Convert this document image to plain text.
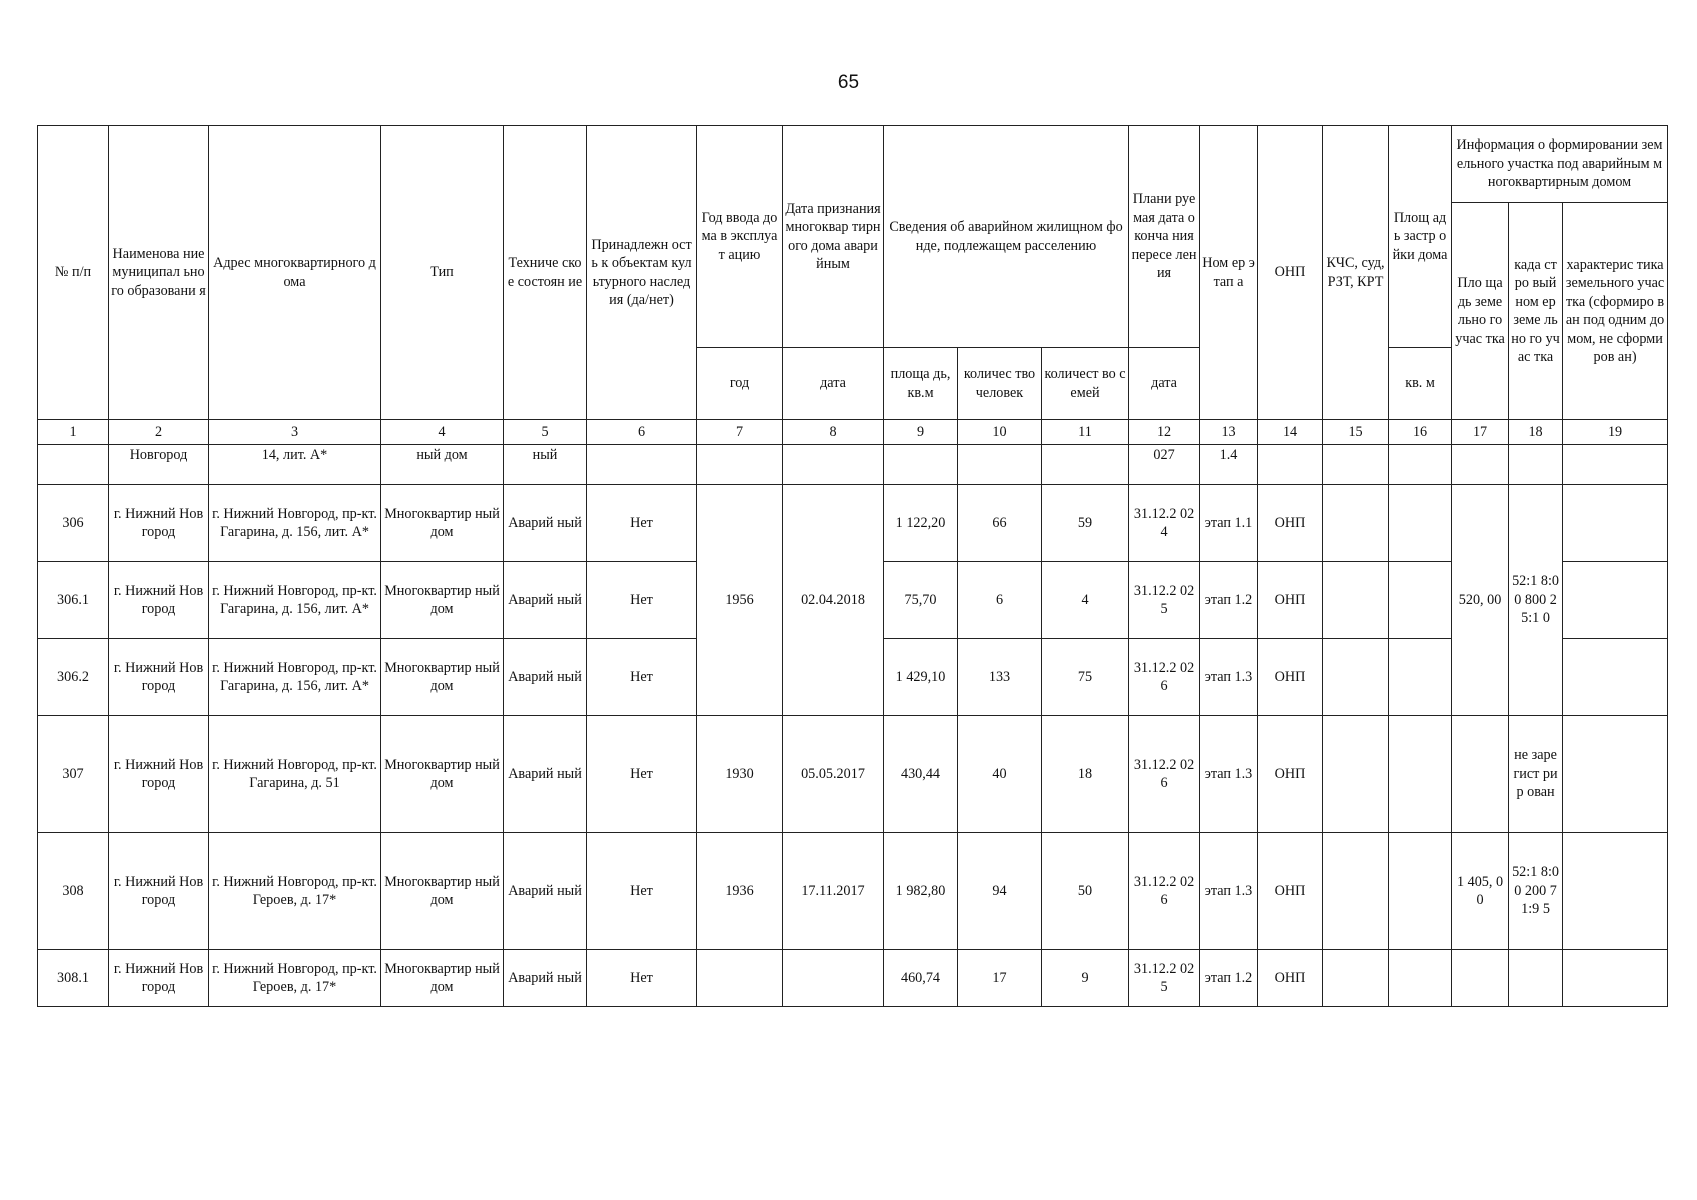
65
№ п/п	Наименова ние муниципал ьного образовани я	Адрес многоквартирного дома	Тип	Техниче ское состоян ие	Принадлежн ость к объектам культурного наследия (да/нет)	Год ввода дома в эксплуат ацию	Дата признания многоквар тирного дома аварийным	Сведения об аварийном жилищном фонде, подлежащем расселению			Плани руемая дата оконча ния пересе ления	Ном ер этап а	ОНП	КЧС, суд, РЗТ, КРТ	Площ адь застр ойки дома	Информация о формировании земельного участка под аварийным многоквартирным домом		
																Пло щадь земе льно го учас тка	када стро вый ном ер земе льно го учас тка	характерис тика земельного участка (сформиро ван под одним домом, не сформиров ан)
						год	дата	площа дь, кв.м	количес тво человек	количест во семей	дата				кв. м			
1	2	3	4	5	6	7	8	9	10	11	12	13	14	15	16	17	18	19
	Новгород	14, лит. А*	ный дом	ный							027	1.4						
306	г. Нижний Новгород	г. Нижний Новгород, пр-кт. Гагарина, д. 156, лит. А*	Многоквартир ный дом	Аварий ный	Нет	1956	02.04.2018	1 122,20	66	59	31.12.2 024	этап 1.1	ОНП			520, 00	52:1 8:00 800 25:1 0	
306.1	г. Нижний Новгород	г. Нижний Новгород, пр-кт. Гагарина, д. 156, лит. А*	Многоквартир ный дом	Аварий ный	Нет			75,70	6	4	31.12.2 025	этап 1.2	ОНП					
306.2	г. Нижний Новгород	г. Нижний Новгород, пр-кт. Гагарина, д. 156, лит. А*	Многоквартир ный дом	Аварий ный	Нет			1 429,10	133	75	31.12.2 026	этап 1.3	ОНП					
307	г. Нижний Новгород	г. Нижний Новгород, пр-кт. Гагарина, д. 51	Многоквартир ный дом	Аварий ный	Нет	1930	05.05.2017	430,44	40	18	31.12.2 026	этап 1.3	ОНП				не заре гист рир ован	
308	г. Нижний Новгород	г. Нижний Новгород, пр-кт. Героев, д. 17*	Многоквартир ный дом	Аварий ный	Нет	1936	17.11.2017	1 982,80	94	50	31.12.2 026	этап 1.3	ОНП			1 405, 00	52:1 8:00 200 71:9 5	
308.1	г. Нижний Новгород	г. Нижний Новгород, пр-кт. Героев, д. 17*	Многоквартир ный дом	Аварий ный	Нет			460,74	17	9	31.12.2 025	этап 1.2	ОНП					
